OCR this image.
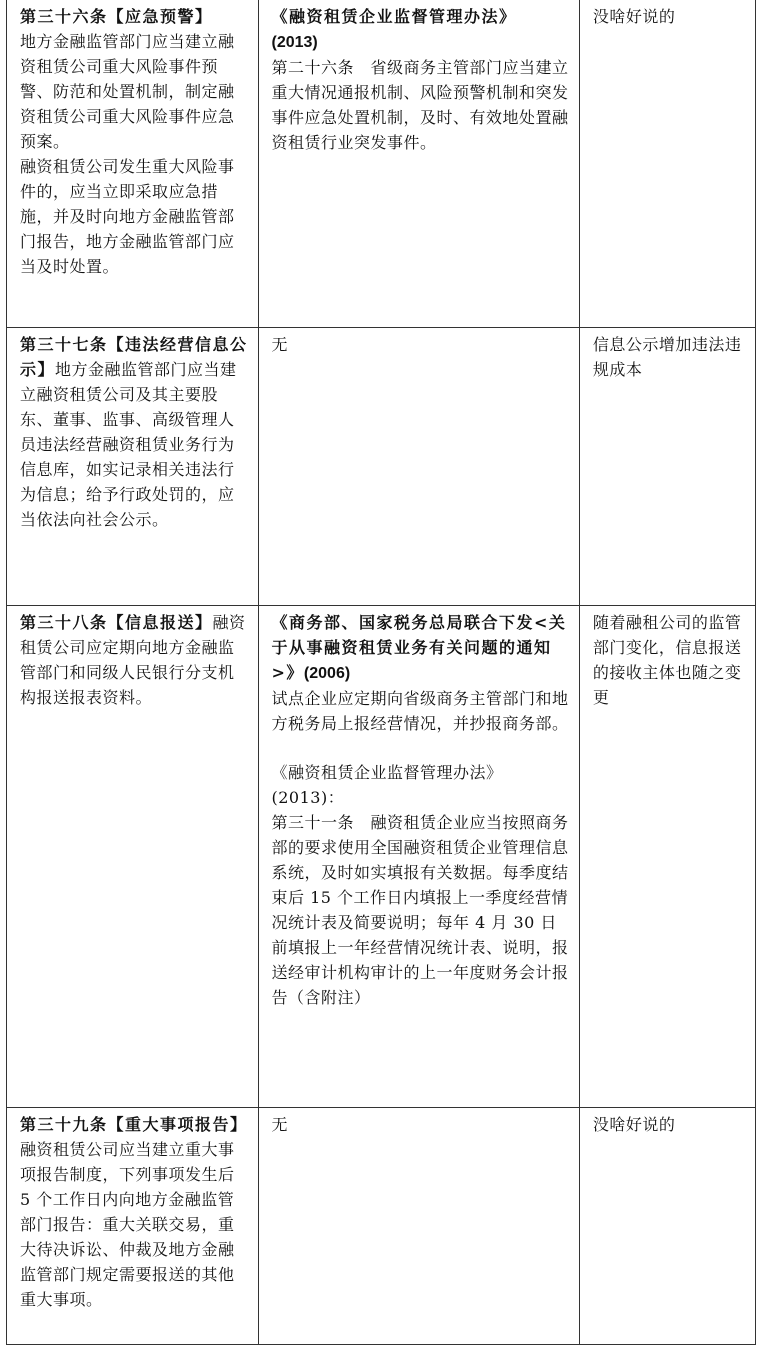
第三十六条【应急预警】
地方金融监管部门应当建立融资租赁公司重大风险事件预警、防范和处置机制，制定融资租赁公司重大风险事件应急预案。
融资租赁公司发生重大风险事件的，应当立即采取应急措施，并及时向地方金融监管部门报告，地方金融监管部门应当及时处置。	《融资租赁企业监督管理办法》
(2013)
第二十六条　省级商务主管部门应当建立重大情况通报机制、风险预警机制和突发事件应急处置机制，及时、有效地处置融资租赁行业突发事件。	没啥好说的
第三十七条【违法经营信息公示】地方金融监管部门应当建立融资租赁公司及其主要股东、董事、监事、高级管理人员违法经营融资租赁业务行为信息库，如实记录相关违法行为信息；给予行政处罚的，应当依法向社会公示。	无	信息公示增加违法违规成本
第三十八条【信息报送】融资租赁公司应定期向地方金融监管部门和同级人民银行分支机构报送报表资料。	《商务部、国家税务总局联合下发<关于从事融资租赁业务有关问题的通知>》(2006)
试点企业应定期向省级商务主管部门和地方税务局上报经营情况，并抄报商务部。
《融资租赁企业监督管理办法》
(2013)：
第三十一条　融资租赁企业应当按照商务部的要求使用全国融资租赁企业管理信息系统，及时如实填报有关数据。每季度结束后 15 个工作日内填报上一季度经营情况统计表及简要说明；每年 4 月 30 日前填报上一年经营情况统计表、说明，报送经审计机构审计的上一年度财务会计报告（含附注）	随着融租公司的监管部门变化，信息报送的接收主体也随之变更
第三十九条【重大事项报告】融资租赁公司应当建立重大事项报告制度，下列事项发生后 5 个工作日内向地方金融监管部门报告：重大关联交易，重大待决诉讼、仲裁及地方金融监管部门规定需要报送的其他重大事项。	无	没啥好说的
